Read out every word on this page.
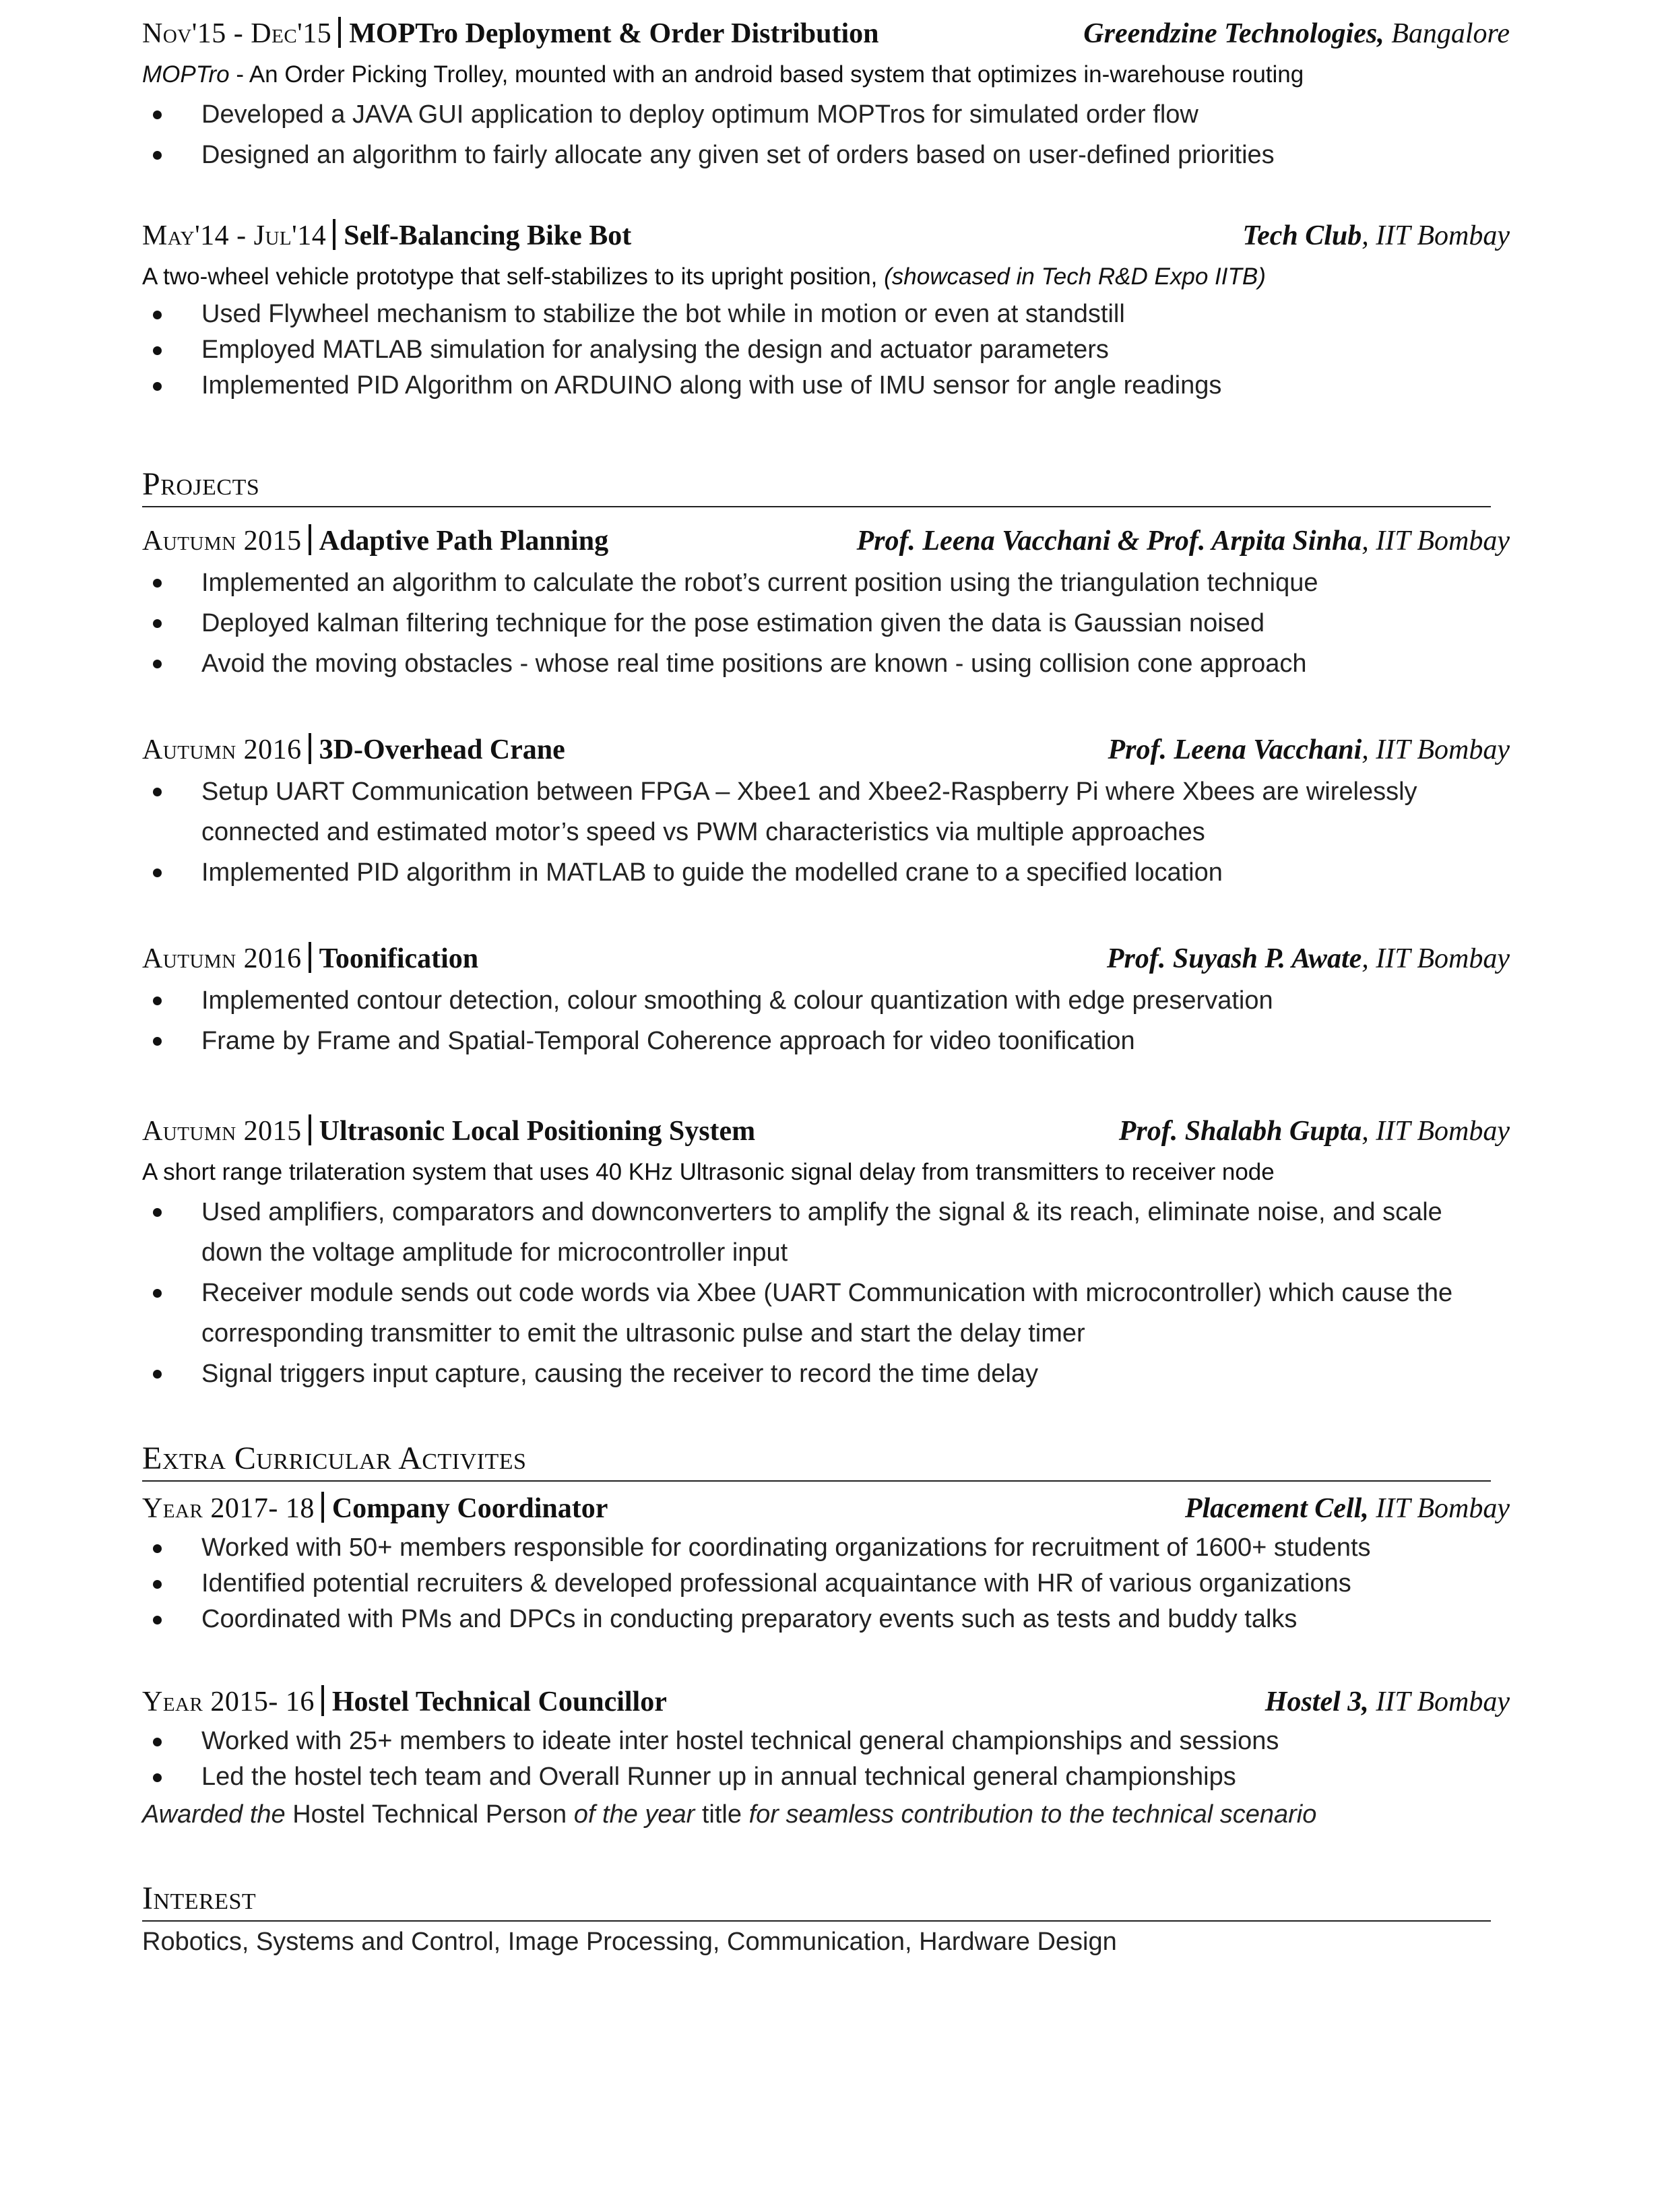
Nov'15 - Dec'15 MOPTro Deployment & Order Distribution	Greendzine Technologies, Bangalore
MOPTro - An Order Picking Trolley, mounted with an android based system that optimizes in-warehouse routing
Developed a JAVA GUI application to deploy optimum MOPTros for simulated order flow
Designed an algorithm to fairly allocate any given set of orders based on user-defined priorities
May'14 - Jul'14 Self-Balancing Bike Bot	Tech Club, IIT Bombay
A two-wheel vehicle prototype that self-stabilizes to its upright position, (showcased in Tech R&D Expo IITB)
Used Flywheel mechanism to stabilize the bot while in motion or even at standstill
Employed MATLAB simulation for analysing the design and actuator parameters
Implemented PID Algorithm on ARDUINO along with use of IMU sensor for angle readings
Projects
Autumn 2015 Adaptive Path Planning	Prof. Leena Vacchani & Prof. Arpita Sinha, IIT Bombay
Implemented an algorithm to calculate the robot’s current position using the triangulation technique
Deployed kalman filtering technique for the pose estimation given the data is Gaussian noised
Avoid the moving obstacles - whose real time positions are known - using collision cone approach
Autumn 2016 3D-Overhead Crane	Prof. Leena Vacchani, IIT Bombay
Setup UART Communication between FPGA – Xbee1 and Xbee2-Raspberry Pi where Xbees are wirelessly connected and estimated motor’s speed vs PWM characteristics via multiple approaches
Implemented PID algorithm in MATLAB to guide the modelled crane to a specified location
Autumn 2016 Toonification	Prof. Suyash P. Awate, IIT Bombay
Implemented contour detection, colour smoothing & colour quantization with edge preservation
Frame by Frame and Spatial-Temporal Coherence approach for video toonification
Autumn 2015 Ultrasonic Local Positioning System	Prof. Shalabh Gupta, IIT Bombay
A short range trilateration system that uses 40 KHz Ultrasonic signal delay from transmitters to receiver node
Used amplifiers, comparators and downconverters to amplify the signal & its reach, eliminate noise, and scale down the voltage amplitude for microcontroller input
Receiver module sends out code words via Xbee (UART Communication with microcontroller) which cause the corresponding transmitter to emit the ultrasonic pulse and start the delay timer
Signal triggers input capture, causing the receiver to record the time delay
Extra Curricular Activites
Year 2017- 18 Company Coordinator	Placement Cell, IIT Bombay
Worked with 50+ members responsible for coordinating organizations for recruitment of 1600+ students
Identified potential recruiters & developed professional acquaintance with HR of various organizations
Coordinated with PMs and DPCs in conducting preparatory events such as tests and buddy talks
Year 2015- 16 Hostel Technical Councillor	Hostel 3, IIT Bombay
Worked with 25+ members to ideate inter hostel technical general championships and sessions
Led the hostel tech team and Overall Runner up in annual technical general championships
Awarded the Hostel Technical Person of the year title for seamless contribution to the technical scenario
Interest
Robotics, Systems and Control, Image Processing, Communication, Hardware Design
